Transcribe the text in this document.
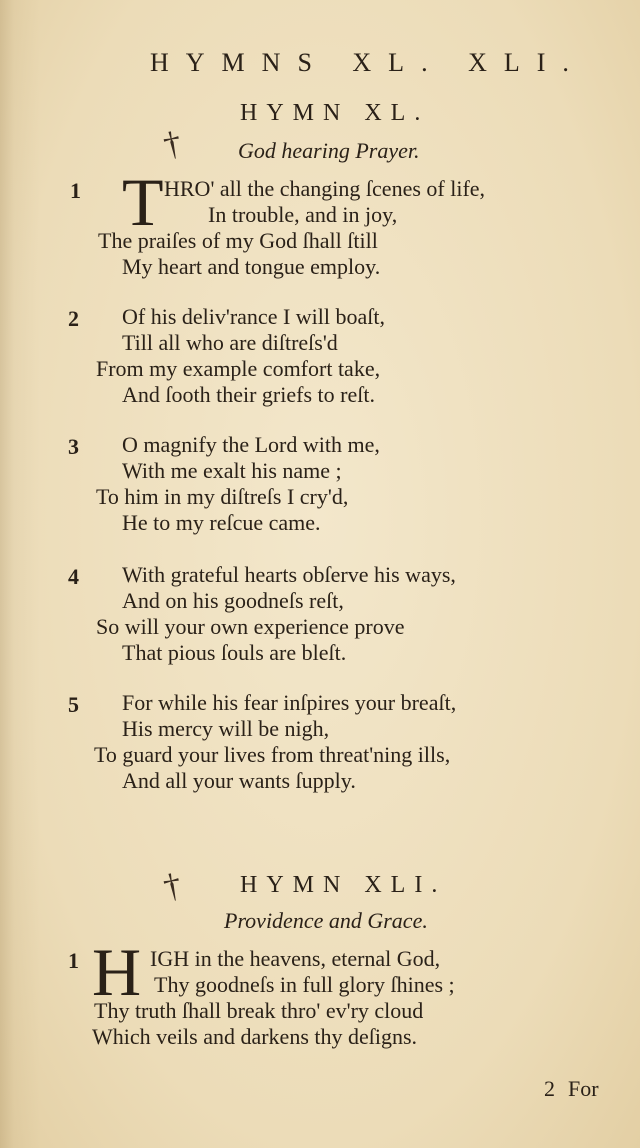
HYMNS XL. XLI.
HYMN XL.
† God hearing Prayer.
1 T HRO' all the changing ſcenes of life,
In trouble, and in joy,
The praiſes of my God ſhall ſtill
My heart and tongue employ.
2 Of his deliv'rance I will boaſt,
Till all who are diſtreſs'd
From my example comfort take,
And ſooth their griefs to reſt.
3 O magnify the Lord with me,
With me exalt his name ;
To him in my diſtreſs I cry'd,
He to my reſcue came.
4 With grateful hearts obſerve his ways,
And on his goodneſs reſt,
So will your own experience prove
That pious ſouls are bleſt.
5 For while his fear inſpires your breaſt,
His mercy will be nigh,
To guard your lives from threat'ning ills,
And all your wants ſupply.
† HYMN XLI.
Providence and Grace.
1 H IGH in the heavens, eternal God,
Thy goodneſs in full glory ſhines ;
Thy truth ſhall break thro' ev'ry cloud
Which veils and darkens thy deſigns.
2 For
